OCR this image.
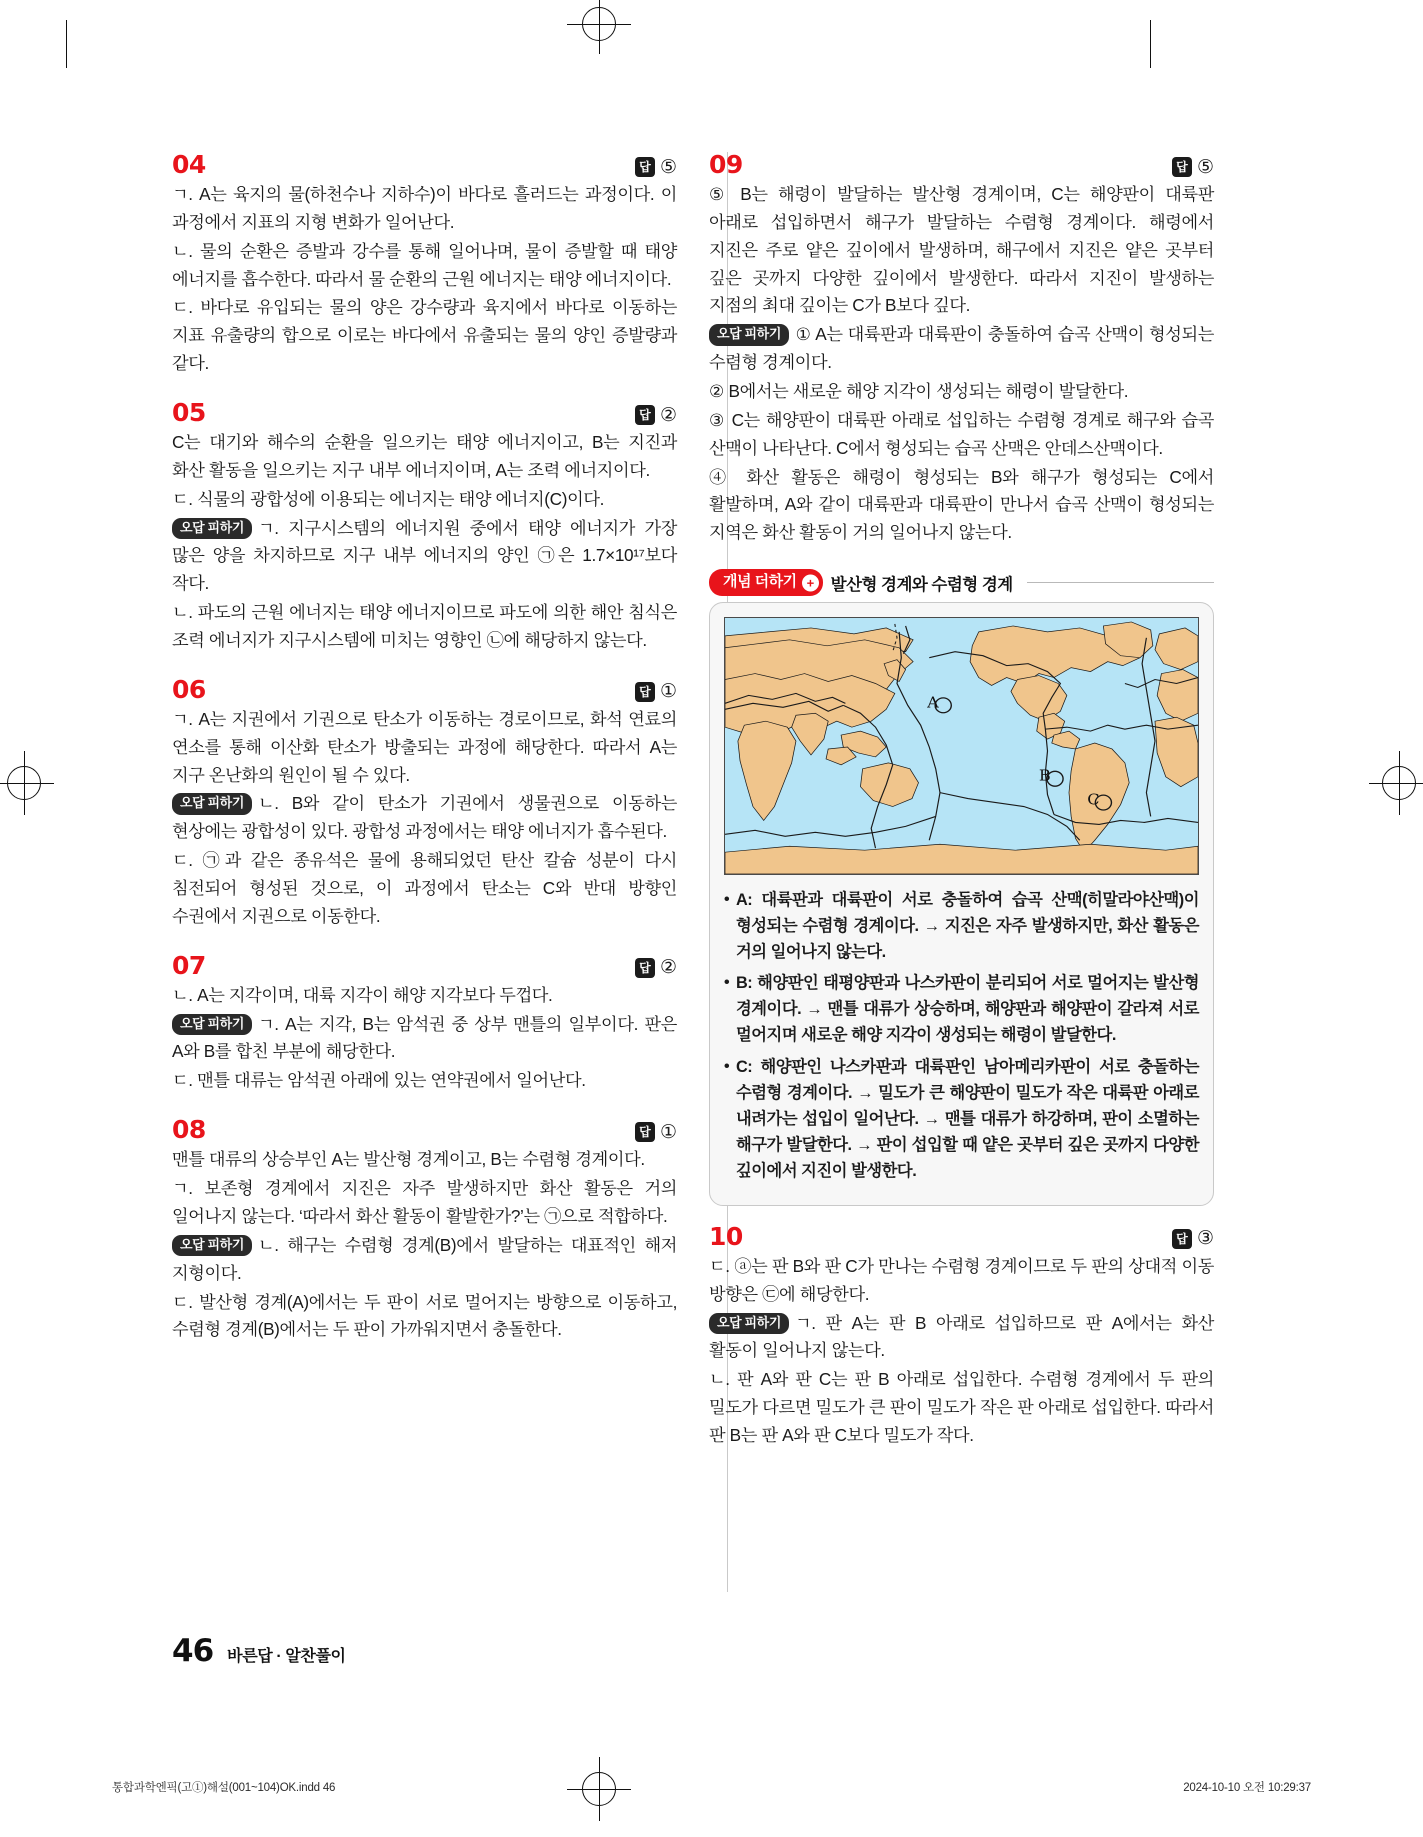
04	답 ⑤

ㄱ. A는 육지의 물(하천수나 지하수)이 바다로 흘러드는 과정이다. 이 과정에서 지표의 지형 변화가 일어난다.

ㄴ. 물의 순환은 증발과 강수를 통해 일어나며, 물이 증발할 때 태양 에너지를 흡수한다. 따라서 물 순환의 근원 에너지는 태양 에너지이다.

ㄷ. 바다로 유입되는 물의 양은 강수량과 육지에서 바다로 이동하는 지표 유출량의 합으로 이로는 바다에서 유출되는 물의 양인 증발량과 같다.

05	답 ②

C는 대기와 해수의 순환을 일으키는 태양 에너지이고, B는 지진과 화산 활동을 일으키는 지구 내부 에너지이며, A는 조력 에너지이다.

ㄷ. 식물의 광합성에 이용되는 에너지는 태양 에너지(C)이다.

오답 피하기 ㄱ. 지구시스템의 에너지원 중에서 태양 에너지가 가장 많은 양을 차지하므로 지구 내부 에너지의 양인 ㉠은 1.7×10¹⁷보다 작다.

ㄴ. 파도의 근원 에너지는 태양 에너지이므로 파도에 의한 해안 침식은 조력 에너지가 지구시스템에 미치는 영향인 ㉡에 해당하지 않는다.

06	답 ①

ㄱ. A는 지권에서 기권으로 탄소가 이동하는 경로이므로, 화석 연료의 연소를 통해 이산화 탄소가 방출되는 과정에 해당한다. 따라서 A는 지구 온난화의 원인이 될 수 있다.

오답 피하기 ㄴ. B와 같이 탄소가 기권에서 생물권으로 이동하는 현상에는 광합성이 있다. 광합성 과정에서는 태양 에너지가 흡수된다.

ㄷ. ㉠과 같은 종유석은 물에 용해되었던 탄산 칼슘 성분이 다시 침전되어 형성된 것으로, 이 과정에서 탄소는 C와 반대 방향인 수권에서 지권으로 이동한다.

07	답 ②

ㄴ. A는 지각이며, 대륙 지각이 해양 지각보다 두껍다.

오답 피하기 ㄱ. A는 지각, B는 암석권 중 상부 맨틀의 일부이다. 판은 A와 B를 합친 부분에 해당한다.

ㄷ. 맨틀 대류는 암석권 아래에 있는 연약권에서 일어난다.

08	답 ①

맨틀 대류의 상승부인 A는 발산형 경계이고, B는 수렴형 경계이다.

ㄱ. 보존형 경계에서 지진은 자주 발생하지만 화산 활동은 거의 일어나지 않는다. ‘따라서 화산 활동이 활발한가?’는 ㉠으로 적합하다.

오답 피하기 ㄴ. 해구는 수렴형 경계(B)에서 발달하는 대표적인 해저 지형이다.

ㄷ. 발산형 경계(A)에서는 두 판이 서로 멀어지는 방향으로 이동하고, 수렴형 경계(B)에서는 두 판이 가까워지면서 충돌한다.

09	답 ⑤

⑤ B는 해령이 발달하는 발산형 경계이며, C는 해양판이 대륙판 아래로 섭입하면서 해구가 발달하는 수렴형 경계이다. 해령에서 지진은 주로 얕은 깊이에서 발생하며, 해구에서 지진은 얕은 곳부터 깊은 곳까지 다양한 깊이에서 발생한다. 따라서 지진이 발생하는 지점의 최대 깊이는 C가 B보다 깊다.

오답 피하기 ① A는 대륙판과 대륙판이 충돌하여 습곡 산맥이 형성되는 수렴형 경계이다.

② B에서는 새로운 해양 지각이 생성되는 해령이 발달한다.

③ C는 해양판이 대륙판 아래로 섭입하는 수렴형 경계로 해구와 습곡 산맥이 나타난다. C에서 형성되는 습곡 산맥은 안데스산맥이다.

④ 화산 활동은 해령이 형성되는 B와 해구가 형성되는 C에서 활발하며, A와 같이 대륙판과 대륙판이 만나서 습곡 산맥이 형성되는 지역은 화산 활동이 거의 일어나지 않는다.

개념 더하기 +	발산형 경계와 수렴형 경계
A
B
C
• A: 대륙판과 대륙판이 서로 충돌하여 습곡 산맥(히말라야산맥)이 형성되는 수렴형 경계이다. → 지진은 자주 발생하지만, 화산 활동은 거의 일어나지 않는다.
• B: 해양판인 태평양판과 나스카판이 분리되어 서로 멀어지는 발산형 경계이다. → 맨틀 대류가 상승하며, 해양판과 해양판이 갈라져 서로 멀어지며 새로운 해양 지각이 생성되는 해령이 발달한다.
• C: 해양판인 나스카판과 대륙판인 남아메리카판이 서로 충돌하는 수렴형 경계이다. → 밀도가 큰 해양판이 밀도가 작은 대륙판 아래로 내려가는 섭입이 일어난다. → 맨틀 대류가 하강하며, 판이 소멸하는 해구가 발달한다. → 판이 섭입할 때 얕은 곳부터 깊은 곳까지 다양한 깊이에서 지진이 발생한다.
10	답 ③

ㄷ. ⓐ는 판 B와 판 C가 만나는 수렴형 경계이므로 두 판의 상대적 이동 방향은 ㉢에 해당한다.

오답 피하기 ㄱ. 판 A는 판 B 아래로 섭입하므로 판 A에서는 화산 활동이 일어나지 않는다.

ㄴ. 판 A와 판 C는 판 B 아래로 섭입한다. 수렴형 경계에서 두 판의 밀도가 다르면 밀도가 큰 판이 밀도가 작은 판 아래로 섭입한다. 따라서 판 B는 판 A와 판 C보다 밀도가 작다.

46 바른답 · 알찬풀이
통합과학엔픽(고①)해설(001~104)OK.indd 46	2024-10-10 오전 10:29:37
